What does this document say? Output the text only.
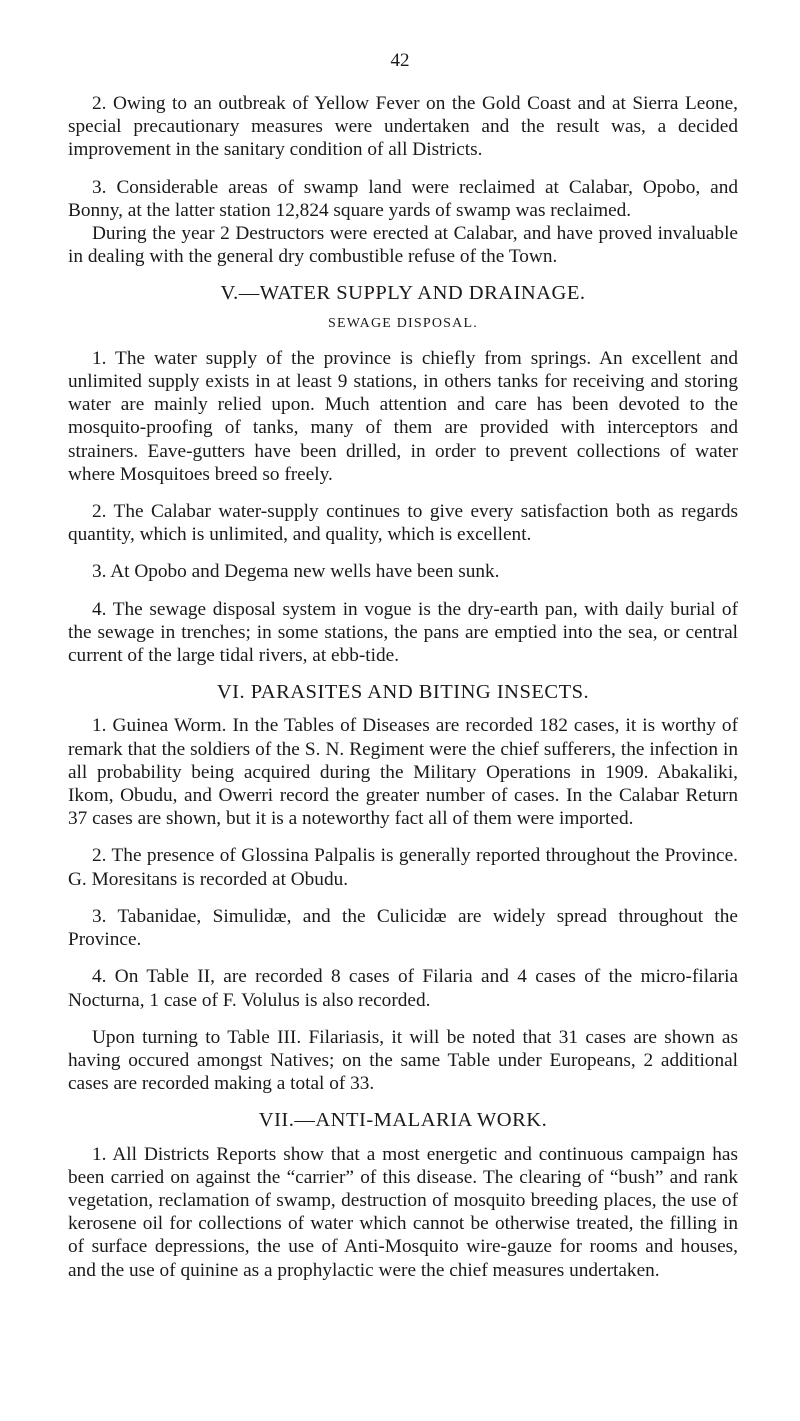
42

2. Owing to an outbreak of Yellow Fever on the Gold Coast and at Sierra Leone, special precautionary measures were undertaken and the result was, a decided improvement in the sanitary condition of all Districts.

3. Considerable areas of swamp land were reclaimed at Calabar, Opobo, and Bonny, at the latter station 12,824 square yards of swamp was reclaimed.

During the year 2 Destructors were erected at Calabar, and have proved invaluable in dealing with the general dry combustible refuse of the Town.

V.—WATER SUPPLY AND DRAINAGE.
SEWAGE DISPOSAL.

1. The water supply of the province is chiefly from springs. An excellent and unlimited supply exists in at least 9 stations, in others tanks for receiving and storing water are mainly relied upon. Much attention and care has been devoted to the mosquito-proofing of tanks, many of them are provided with interceptors and strainers. Eave-gutters have been drilled, in order to prevent collections of water where Mosquitoes breed so freely.

2. The Calabar water-supply continues to give every satisfaction both as regards quantity, which is unlimited, and quality, which is excellent.

3. At Opobo and Degema new wells have been sunk.

4. The sewage disposal system in vogue is the dry-earth pan, with daily burial of the sewage in trenches; in some stations, the pans are emptied into the sea, or central current of the large tidal rivers, at ebb-tide.

VI. PARASITES AND BITING INSECTS.

1. Guinea Worm. In the Tables of Diseases are recorded 182 cases, it is worthy of remark that the soldiers of the S. N. Regiment were the chief sufferers, the infection in all probability being acquired during the Military Operations in 1909. Abakaliki, Ikom, Obudu, and Owerri record the greater number of cases. In the Calabar Return 37 cases are shown, but it is a noteworthy fact all of them were imported.

2. The presence of Glossina Palpalis is generally reported throughout the Province. G. Moresitans is recorded at Obudu.

3. Tabanidae, Simulidæ, and the Culicidæ are widely spread throughout the Province.

4. On Table II, are recorded 8 cases of Filaria and 4 cases of the micro-filaria Nocturna, 1 case of F. Volulus is also recorded.

Upon turning to Table III. Filariasis, it will be noted that 31 cases are shown as having occured amongst Natives; on the same Table under Europeans, 2 additional cases are recorded making a total of 33.

VII.—ANTI-MALARIA WORK.

1. All Districts Reports show that a most energetic and continuous campaign has been carried on against the “carrier” of this disease. The clearing of “bush” and rank vegetation, reclamation of swamp, destruction of mosquito breeding places, the use of kerosene oil for collections of water which cannot be otherwise treated, the filling in of surface depressions, the use of Anti-Mosquito wire-gauze for rooms and houses, and the use of quinine as a prophylactic were the chief measures undertaken.
